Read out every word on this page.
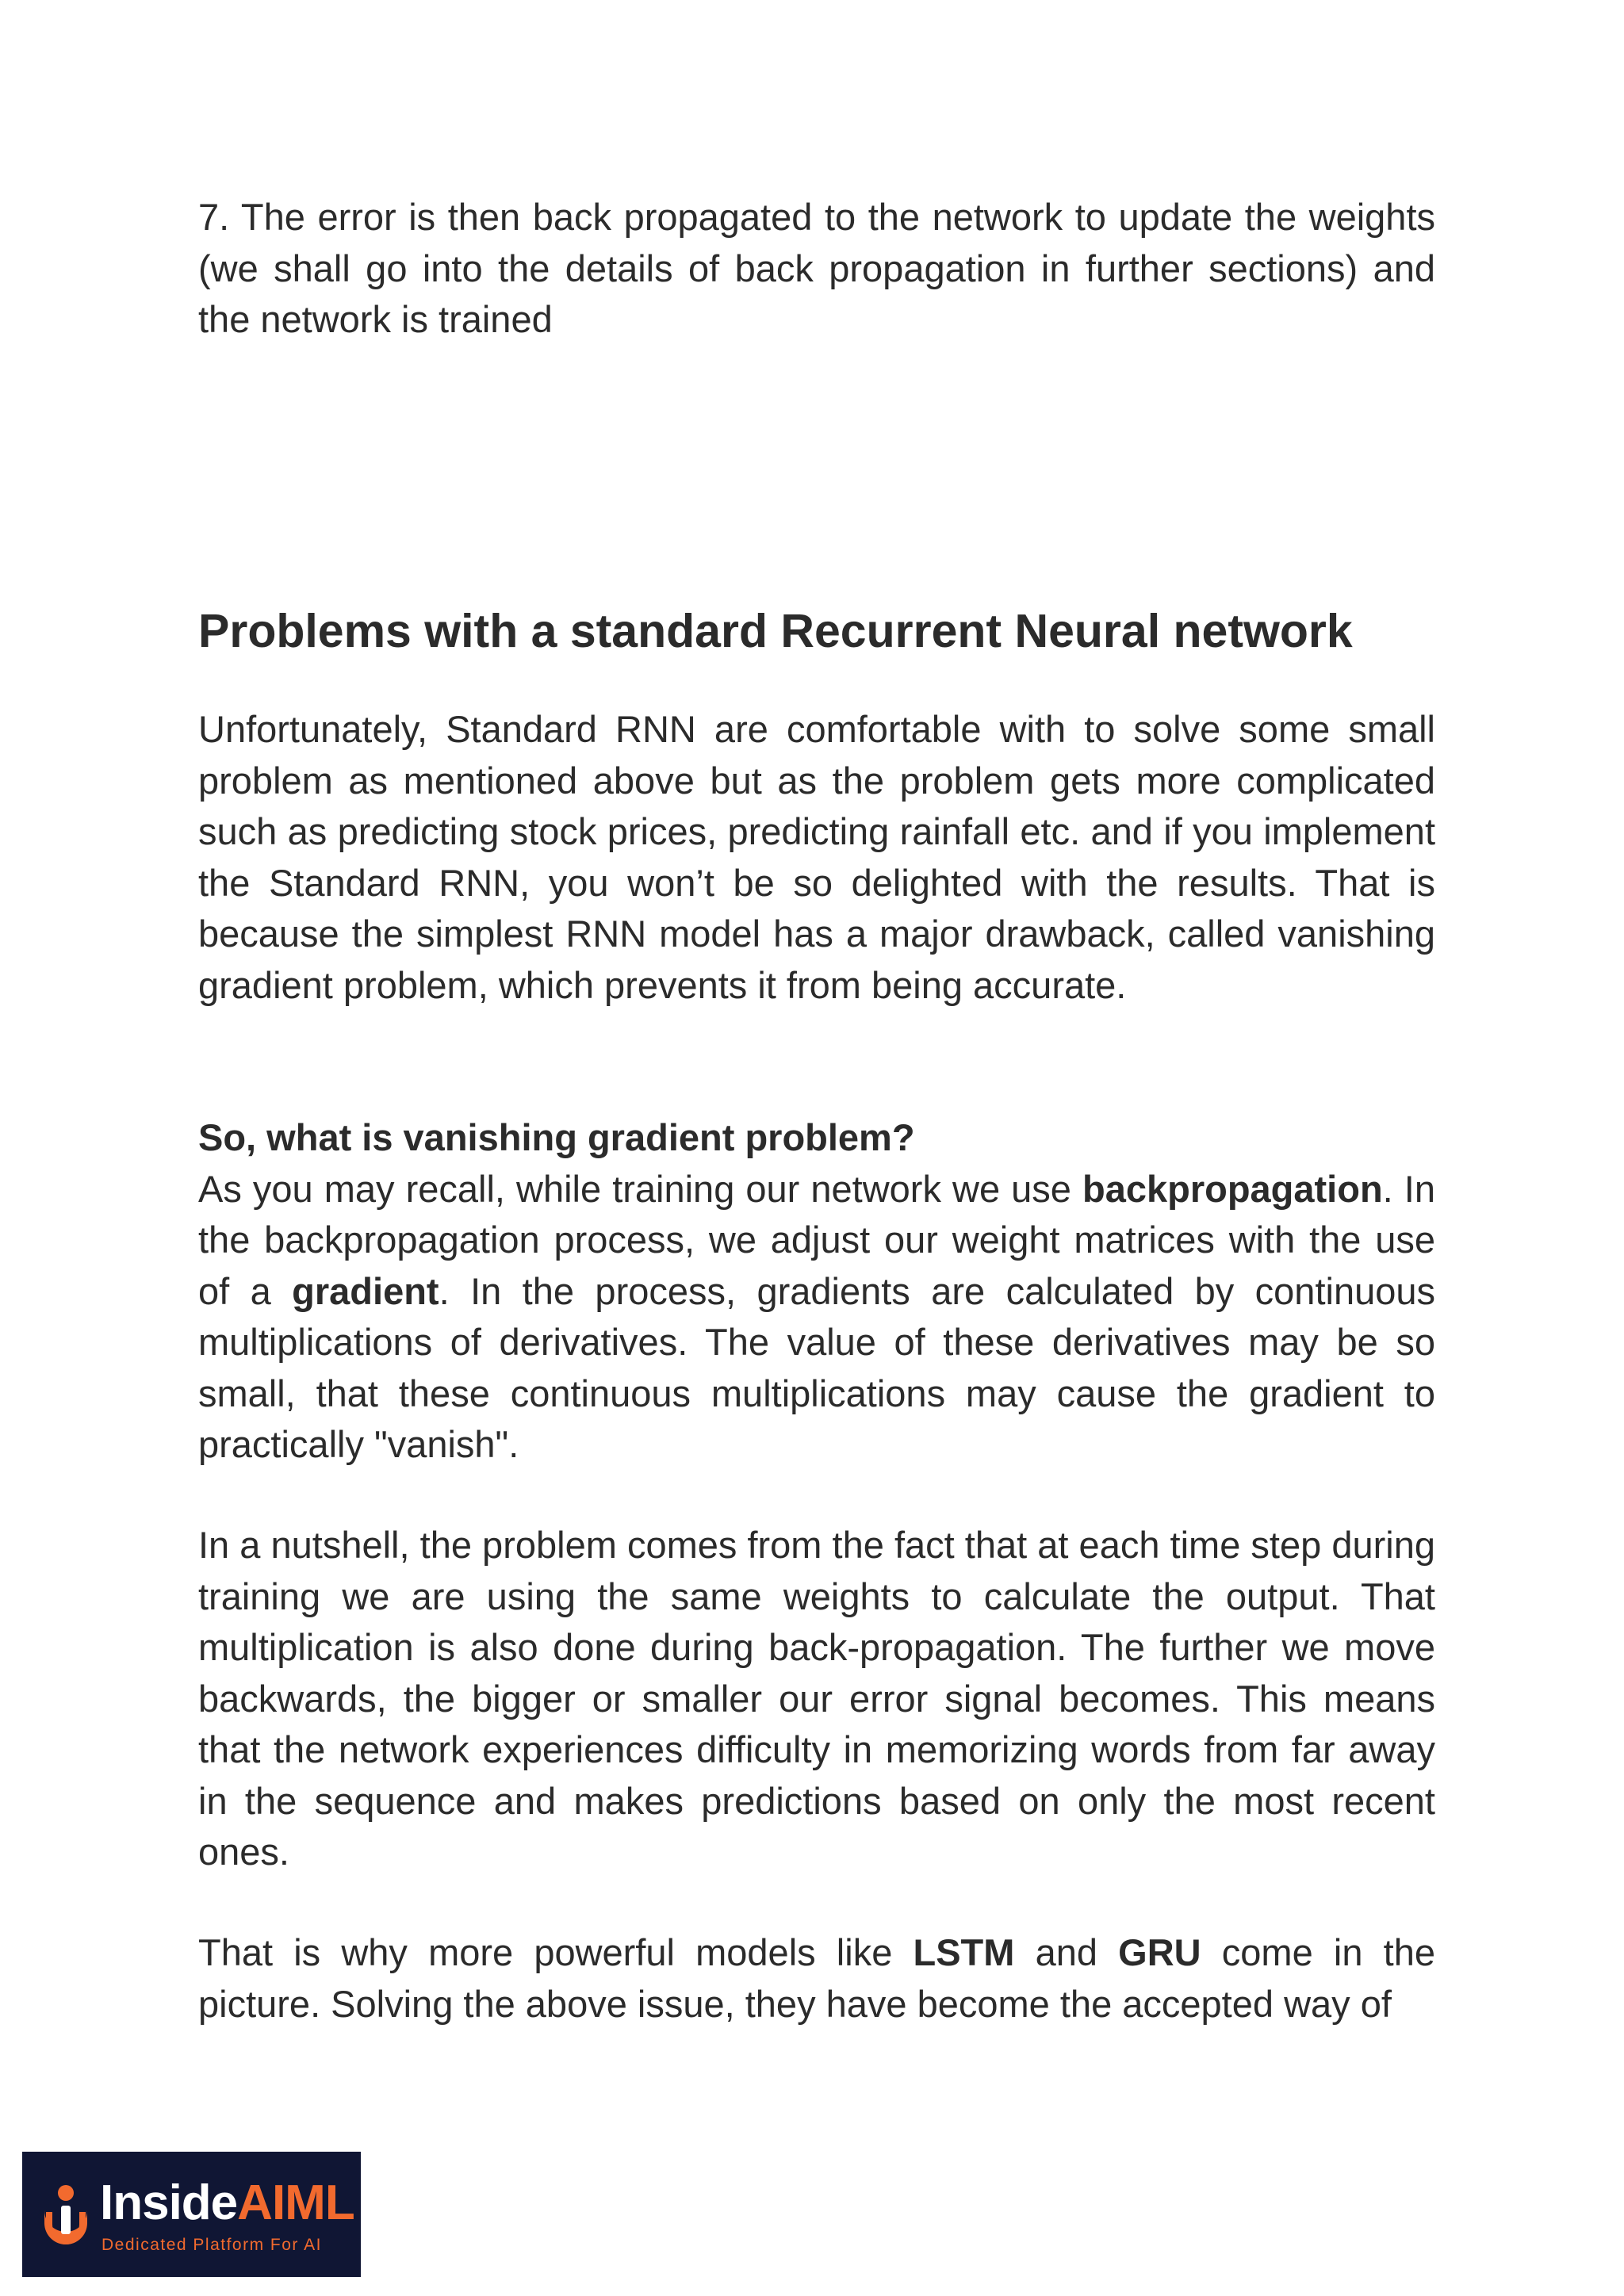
7. The error is then back propagated to the network to update the weights (we shall go into the details of back propagation in further sections) and the network is trained

Problems with a standard Recurrent Neural network

Unfortunately, Standard RNN are comfortable with to solve some small problem as mentioned above but as the problem gets more complicated such as predicting stock prices, predicting rainfall etc. and if you implement the Standard RNN, you won’t be so delighted with the results. That is because the simplest RNN model has a major drawback, called vanishing gradient problem, which prevents it from being accurate.

So, what is vanishing gradient problem?

As you may recall, while training our network we use backpropagation. In the backpropagation process, we adjust our weight matrices with the use of a gradient. In the process, gradients are calculated by continuous multiplications of derivatives. The value of these derivatives may be so small, that these continuous multiplications may cause the gradient to practically "vanish".

In a nutshell, the problem comes from the fact that at each time step during training we are using the same weights to calculate the output. That multiplication is also done during back-propagation. The further we move backwards, the bigger or smaller our error signal becomes. This means that the network experiences difficulty in memorizing words from far away in the sequence and makes predictions based on only the most recent ones.

That is why more powerful models like LSTM and GRU come in the picture. Solving the above issue, they have become the accepted way of

InsideAIML
Dedicated Platform For AI
